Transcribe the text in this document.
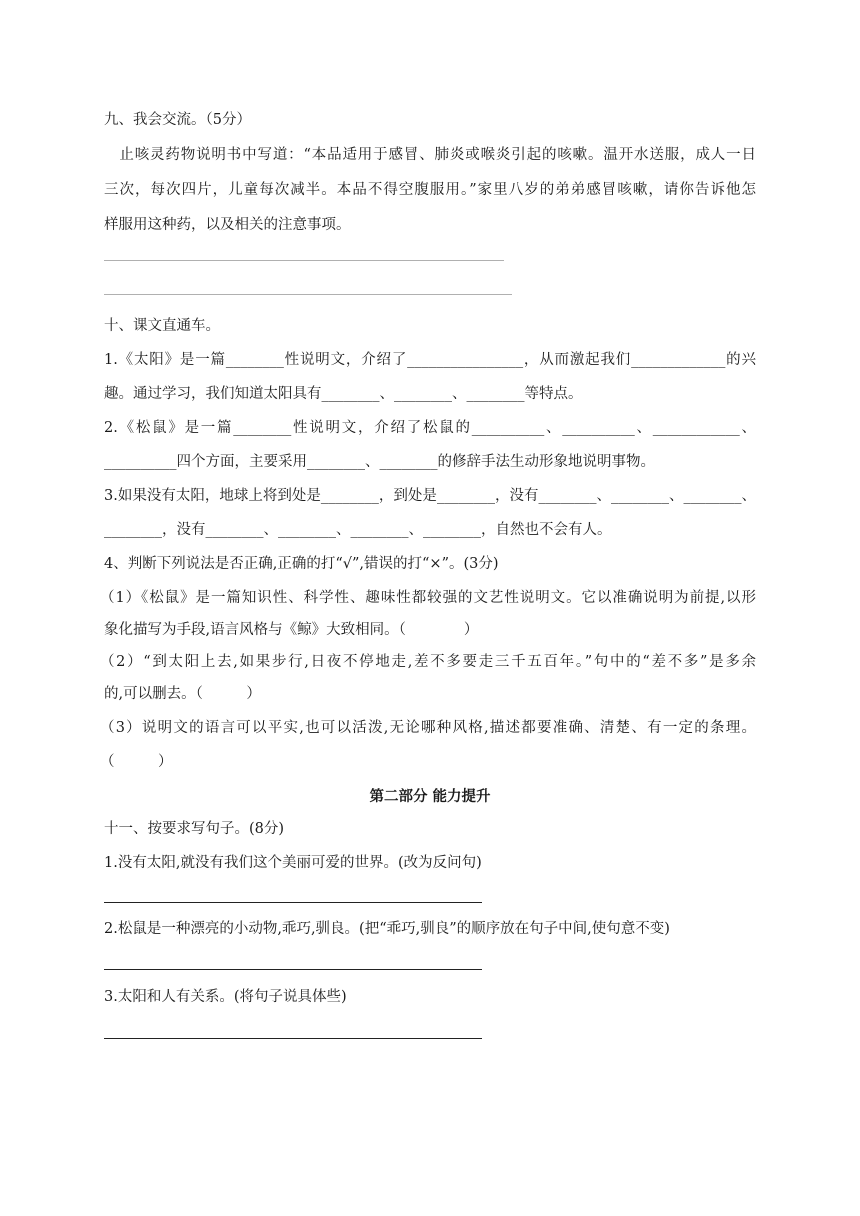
九、我会交流。（5分）
　止咳灵药物说明书中写道：“本品适用于感冒、肺炎或喉炎引起的咳嗽。温开水送服，成人一日
三次，每次四片，儿童每次减半。本品不得空腹服用。”家里八岁的弟弟感冒咳嗽，请你告诉他怎
样服用这种药，以及相关的注意事项。
十、课文直通车。
1.《太阳》是一篇________性说明文，介绍了________________，从而激起我们_____________的兴
趣。通过学习，我们知道太阳具有________、________、________等特点。
2.《松鼠》是一篇________性说明文，介绍了松鼠的__________、__________、____________、
__________四个方面，主要采用________、________的修辞手法生动形象地说明事物。
3.如果没有太阳，地球上将到处是________，到处是________，没有________、________、________、
________，没有________、________、________、________，自然也不会有人。
4、判断下列说法是否正确,正确的打“√”,错误的打“×”。(3分)
（1）《松鼠》是一篇知识性、科学性、趣味性都较强的文艺性说明文。它以准确说明为前提,以形
象化描写为手段,语言风格与《鲸》大致相同。（　　　　）
（2）“到太阳上去,如果步行,日夜不停地走,差不多要走三千五百年。”句中的“差不多”是多余
的,可以删去。（　　　）
（3）说明文的语言可以平实,也可以活泼,无论哪种风格,描述都要准确、清楚、有一定的条理。
（　　　）
第二部分 能力提升
十一、按要求写句子。(8分)
1.没有太阳,就没有我们这个美丽可爱的世界。(改为反问句)
2.松鼠是一种漂亮的小动物,乖巧,驯良。(把“乖巧,驯良”的顺序放在句子中间,使句意不变)
3.太阳和人有关系。(将句子说具体些)
